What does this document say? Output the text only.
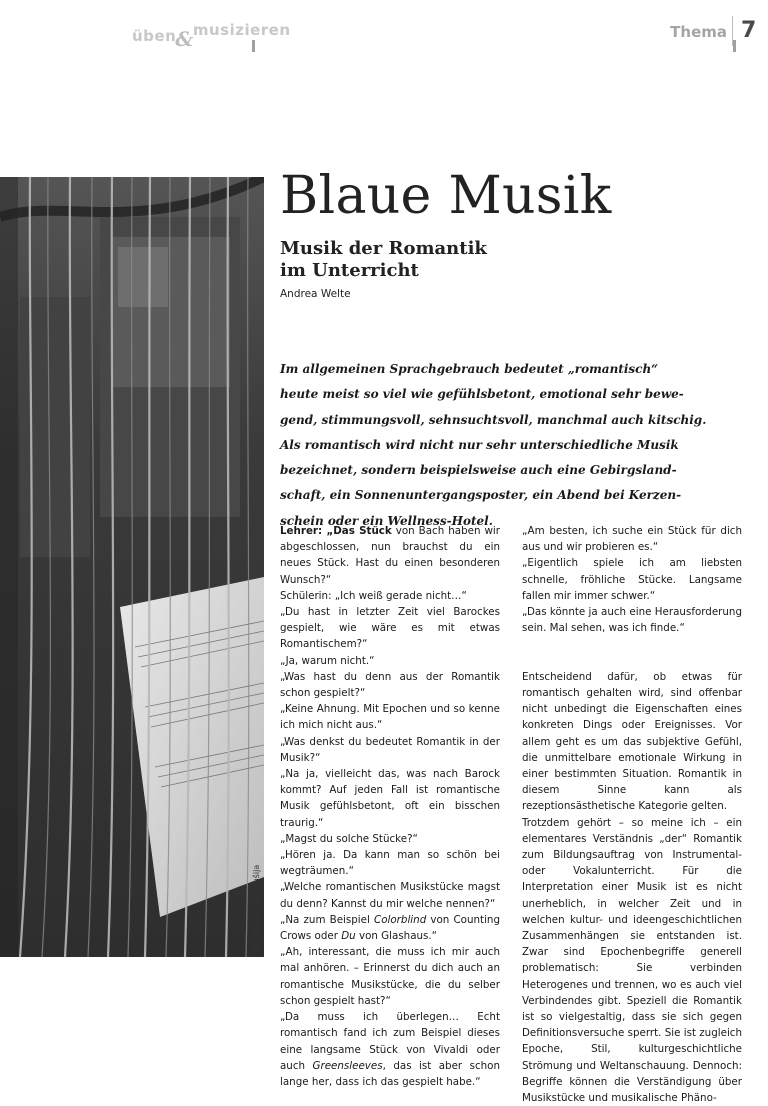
üben&musizieren	Thema 7
Foto: Nihad Nino Pušija
Blaue Musik
Musik der Romantik
im Unterricht
Andrea Welte

Im allgemeinen Sprachgebrauch bedeutet „romantisch“

heute meist so viel wie gefühlsbetont, emotional sehr bewe-

gend, stimmungsvoll, sehnsuchtsvoll, manchmal auch kitschig.

Als romantisch wird nicht nur sehr unterschiedliche Musik

bezeichnet, sondern beispielsweise auch eine Gebirgsland-

schaft, ein Sonnenuntergangsposter, ein Abend bei Kerzen-

schein oder ein Wellness-Hotel.

Lehrer: „Das Stück von Bach haben wir abgeschlossen, nun brauchst du ein neues Stück. Hast du einen besonderen Wunsch?“

Schülerin: „Ich weiß gerade nicht…“

„Du hast in letzter Zeit viel Barockes gespielt, wie wäre es mit etwas Romantischem?“

„Ja, warum nicht.“

„Was hast du denn aus der Romantik schon gespielt?“

„Keine Ahnung. Mit Epochen und so kenne ich mich nicht aus.“

„Was denkst du bedeutet Romantik in der Musik?“

„Na ja, vielleicht das, was nach Barock kommt? Auf jeden Fall ist romantische Musik gefühlsbetont, oft ein bisschen traurig.“

„Magst du solche Stücke?“

„Hören ja. Da kann man so schön bei wegträumen.“

„Welche romantischen Musikstücke magst du denn? Kannst du mir welche nennen?“

„Na zum Beispiel Colorblind von Counting Crows oder Du von Glashaus.“

„Ah, interessant, die muss ich mir auch mal anhören. – Erinnerst du dich auch an romantische Musikstücke, die du selber schon gespielt hast?“

„Da muss ich überlegen… Echt romantisch fand ich zum Beispiel dieses eine langsame Stück von Vivaldi oder auch Greensleeves, das ist aber schon lange her, dass ich das gespielt habe.“

„Am besten, ich suche ein Stück für dich aus und wir probieren es.“

„Eigentlich spiele ich am liebsten schnelle, fröhliche Stücke. Langsame fallen mir immer schwer.“

„Das könnte ja auch eine Herausforderung sein. Mal sehen, was ich finde.“

Entscheidend dafür, ob etwas für romantisch gehalten wird, sind offenbar nicht unbedingt die Eigenschaften eines konkreten Dings oder Ereignisses. Vor allem geht es um das subjektive Gefühl, die unmittelbare emotionale Wirkung in einer bestimmten Situation. Romantik in diesem Sinne kann als rezeptionsästhetische Kategorie gelten.

Trotzdem gehört – so meine ich – ein elementares Verständnis „der“ Romantik zum Bildungsauftrag von Instrumental- oder Vokalunterricht. Für die Interpretation einer Musik ist es nicht unerheblich, in welcher Zeit und in welchen kultur- und ideengeschichtlichen Zusammenhängen sie entstanden ist. Zwar sind Epochenbegriffe generell problematisch: Sie verbinden Heterogenes und trennen, wo es auch viel Verbindendes gibt. Speziell die Romantik ist so vielgestaltig, dass sie sich gegen Definitionsversuche sperrt. Sie ist zugleich Epoche, Stil, kulturgeschichtliche Strömung und Weltanschauung. Dennoch: Begriffe können die Verständigung über Musikstücke und musikalische Phäno-
